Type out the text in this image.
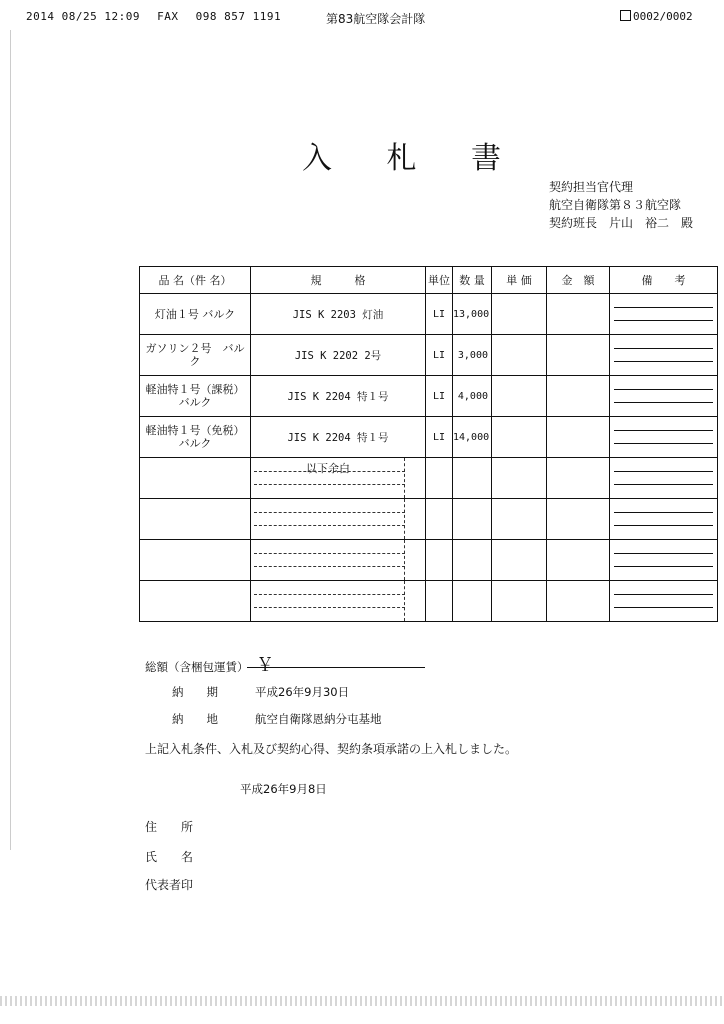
2014 08/25 12:09 FAX 098 857 1191	第83航空隊会計隊	0002/0002
入 札 書
契約担当官代理
航空自衛隊第８３航空隊
契約班長　片山　裕二　殿
品 名（件 名）	規　　　格	単位	数 量	単 価	金　額	備　　考

灯油１号 バルク	JIS K 2203 灯油	LI	13,000			

ガソリン２号　バル
ク	JIS K 2202 2号	LI	3,000			

軽油特１号（課税）
バルク	JIS K 2204 特１号	LI	4,000			

軽油特１号（免税）
バルク	JIS K 2204 特１号	LI	14,000			

	以下余白					

総額（含梱包運賃） ￥
納　　期	平成26年9月30日
納　　地	航空自衛隊恩納分屯基地
上記入札条件、入札及び契約心得、契約条項承諾の上入札しました。
平成26年9月8日
住　　所
氏　　名
代表者印
